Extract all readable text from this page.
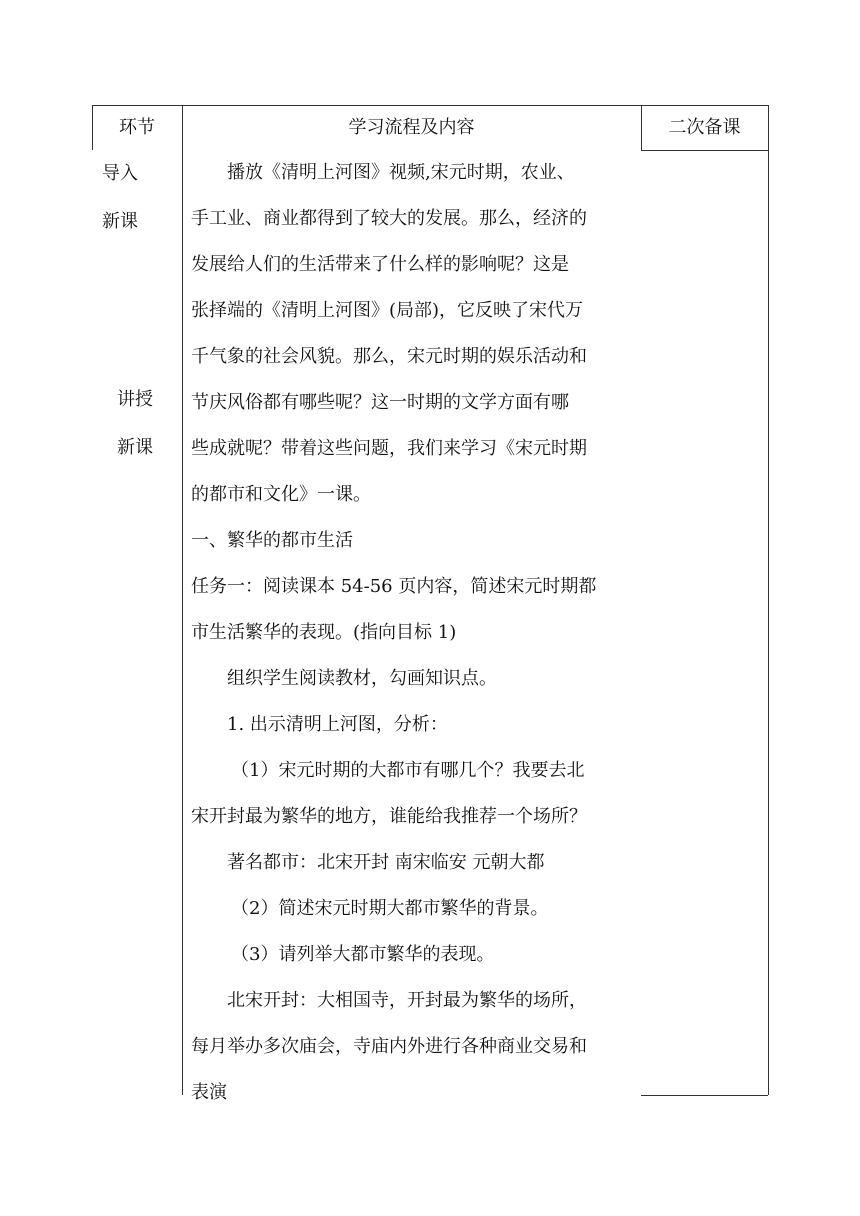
环节	学习流程及内容	二次备课
导入
新课
讲授
新课
播放《清明上河图》视频,宋元时期，农业、
手工业、商业都得到了较大的发展。那么，经济的
发展给人们的生活带来了什么样的影响呢？这是
张择端的《清明上河图》(局部)，它反映了宋代万
千气象的社会风貌。那么，宋元时期的娱乐活动和
节庆风俗都有哪些呢？这一时期的文学方面有哪
些成就呢？带着这些问题，我们来学习《宋元时期
的都市和文化》一课。
一、繁华的都市生活
任务一：阅读课本 54-56 页内容，简述宋元时期都
市生活繁华的表现。(指向目标 1)
组织学生阅读教材，勾画知识点。
1. 出示清明上河图，分析：
（1）宋元时期的大都市有哪几个？我要去北
宋开封最为繁华的地方，谁能给我推荐一个场所？
著名都市：北宋开封 南宋临安 元朝大都
（2）简述宋元时期大都市繁华的背景。
（3）请列举大都市繁华的表现。
北宋开封：大相国寺，开封最为繁华的场所，
每月举办多次庙会，寺庙内外进行各种商业交易和
表演
